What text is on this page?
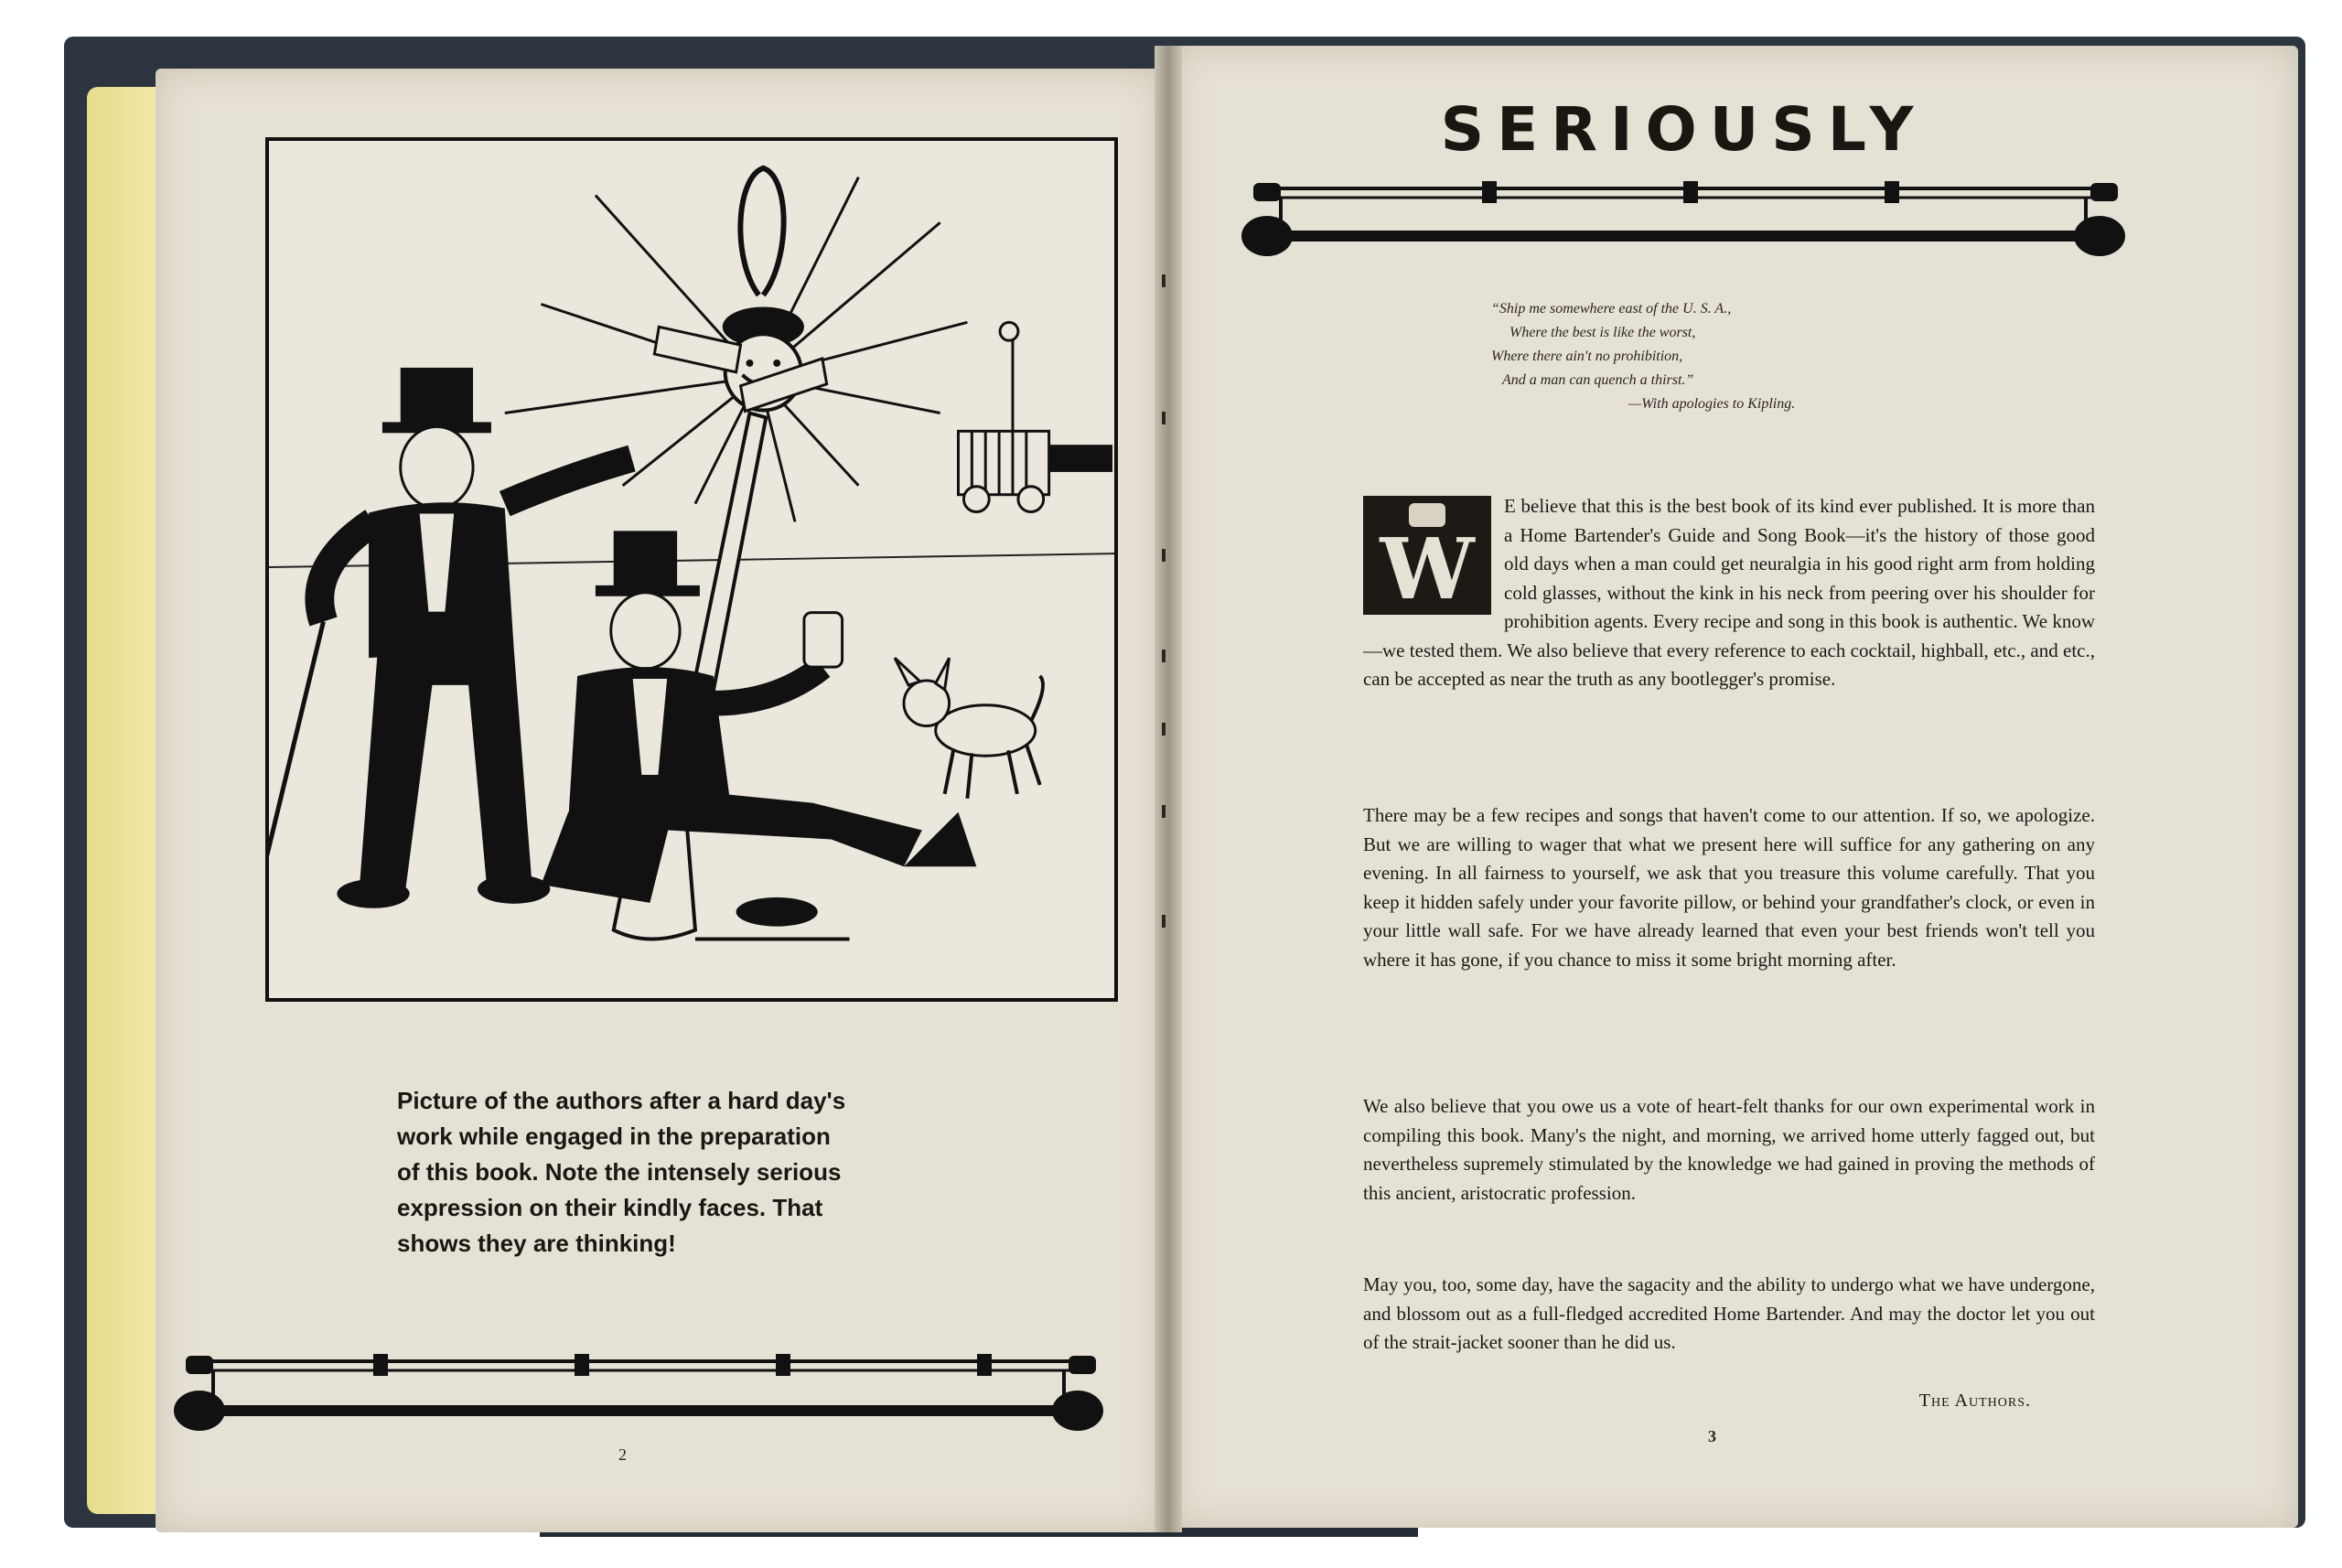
Picture of the authors after a hard day's
work while engaged in the preparation
of this book. Note the intensely serious
expression on their kindly faces. That
shows they are thinking!
2
SERIOUSLY
“Ship me somewhere east of the U. S. A.,
Where the best is like the worst,
Where there ain't no prohibition,
And a man can quench a thirst.”
—With apologies to Kipling.
W
E believe that this is the best book of its kind ever published. It is more than a Home Bartender's Guide and Song Book—it's the history of those good old days when a man could get neuralgia in his good right arm from holding cold glasses, without the kink in his neck from peering over his shoulder for prohibition agents. Every recipe and song in this book is authentic. We know—we tested them. We also believe that every reference to each cocktail, highball, etc., and etc., can be accepted as near the truth as any bootlegger's promise.
There may be a few recipes and songs that haven't come to our attention. If so, we apologize. But we are willing to wager that what we present here will suffice for any gathering on any evening. In all fairness to yourself, we ask that you treasure this volume carefully. That you keep it hidden safely under your favorite pillow, or behind your grandfather's clock, or even in your little wall safe. For we have already learned that even your best friends won't tell you where it has gone, if you chance to miss it some bright morning after.
We also believe that you owe us a vote of heart-felt thanks for our own experimental work in compiling this book. Many's the night, and morning, we arrived home utterly fagged out, but nevertheless supremely stimulated by the knowledge we had gained in proving the methods of this ancient, aristocratic profession.
May you, too, some day, have the sagacity and the ability to undergo what we have undergone, and blossom out as a full-fledged accredited Home Bartender. And may the doctor let you out of the strait-jacket sooner than he did us.
The Authors.
3
